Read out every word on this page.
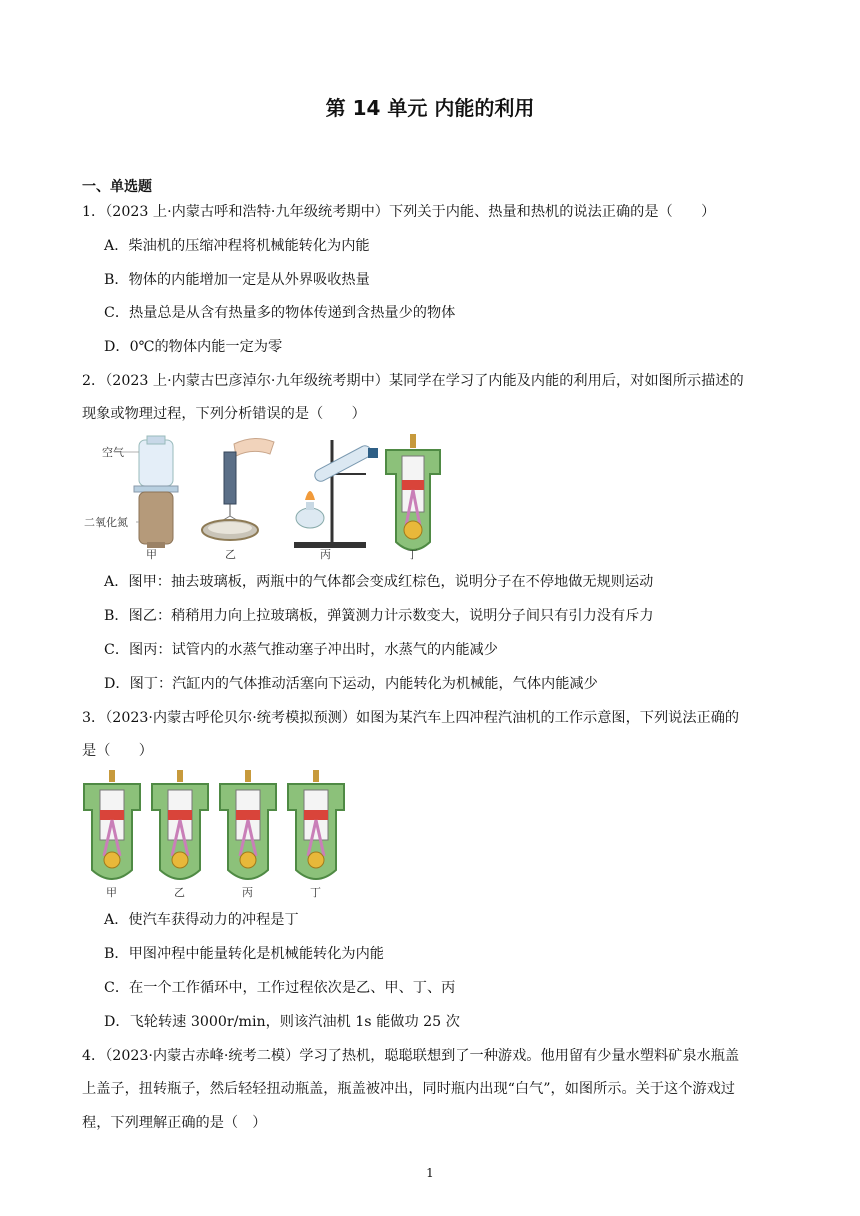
第 14 单元 内能的利用
一、单选题
1．（2023 上·内蒙古呼和浩特·九年级统考期中）下列关于内能、热量和热机的说法正确的是（　　）
A．柴油机的压缩冲程将机械能转化为内能
B．物体的内能增加一定是从外界吸收热量
C．热量总是从含有热量多的物体传递到含热量少的物体
D．0℃的物体内能一定为零
2．（2023 上·内蒙古巴彦淖尔·九年级统考期中）某同学在学习了内能及内能的利用后，对如图所示描述的
现象或物理过程，下列分析错误的是（　　）
空气
二氧化氮
甲	乙	丙	丁
A．图甲：抽去玻璃板，两瓶中的气体都会变成红棕色，说明分子在不停地做无规则运动
B．图乙：稍稍用力向上拉玻璃板，弹簧测力计示数变大，说明分子间只有引力没有斥力
C．图丙：试管内的水蒸气推动塞子冲出时，水蒸气的内能减少
D．图丁：汽缸内的气体推动活塞向下运动，内能转化为机械能，气体内能减少
3．（2023·内蒙古呼伦贝尔·统考模拟预测）如图为某汽车上四冲程汽油机的工作示意图，下列说法正确的
是（　　）
甲	乙	丙	丁
A．使汽车获得动力的冲程是丁
B．甲图冲程中能量转化是机械能转化为内能
C．在一个工作循环中，工作过程依次是乙、甲、丁、丙
D．飞轮转速 3000r/min，则该汽油机 1s 能做功 25 次
4．（2023·内蒙古赤峰·统考二模）学习了热机，聪聪联想到了一种游戏。他用留有少量水塑料矿泉水瓶盖
上盖子，扭转瓶子，然后轻轻扭动瓶盖，瓶盖被冲出，同时瓶内出现“白气”，如图所示。关于这个游戏过
程，下列理解正确的是（　）
1
